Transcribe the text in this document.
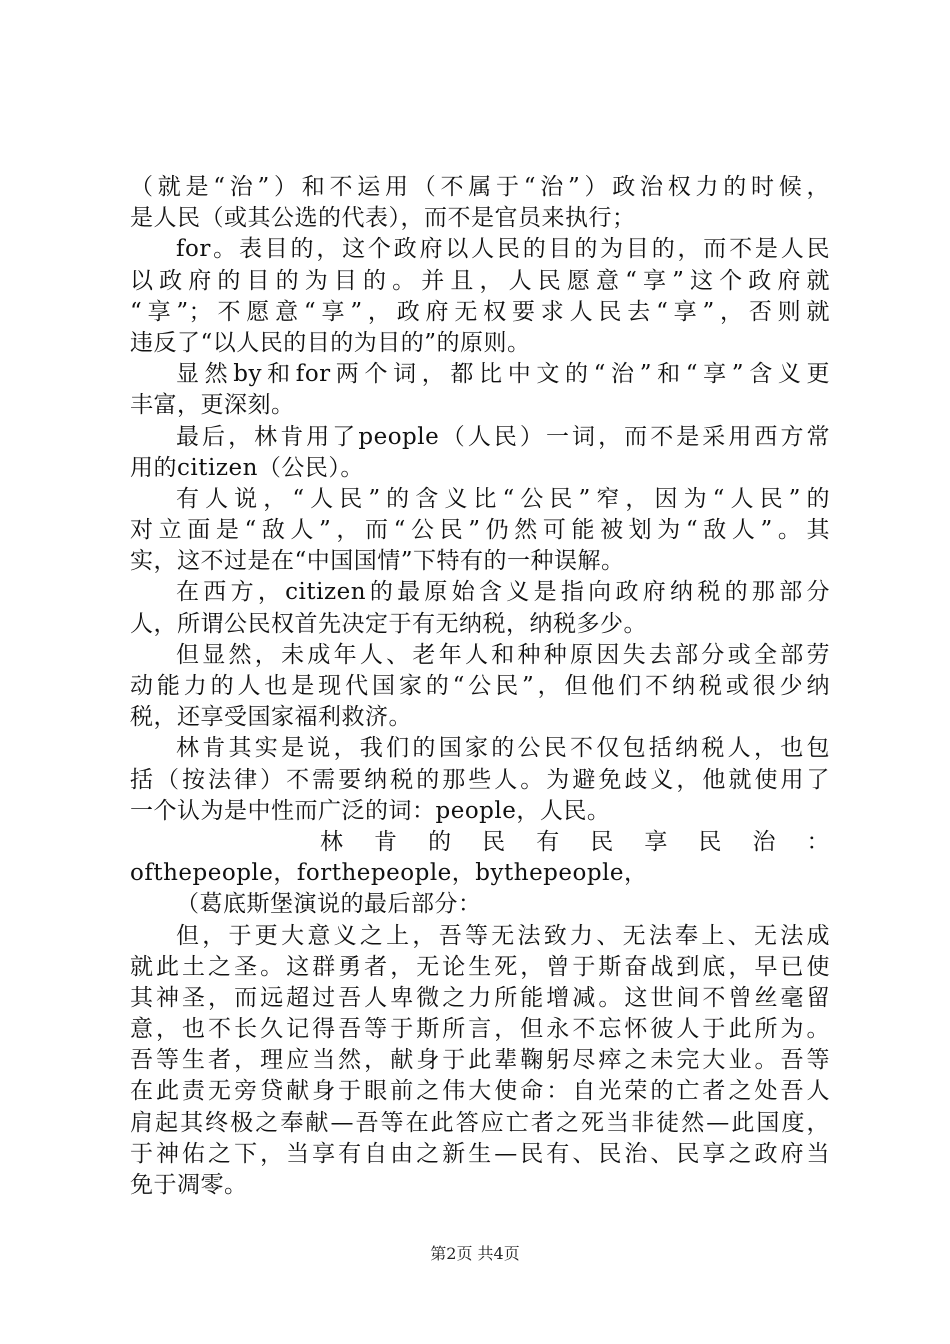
（就是“治”）和不运用（不属于“治”）政治权力的时候，
是人民（或其公选的代表），而不是官员来执行；
for。表目的，这个政府以人民的目的为目的，而不是人民
以政府的目的为目的。并且，人民愿意“享”这个政府就
“享”；不愿意“享”，政府无权要求人民去“享”，否则就
违反了“以人民的目的为目的”的原则。
显然by和for两个词，都比中文的“治”和“享”含义更
丰富，更深刻。
最后，林肯用了people（人民）一词，而不是采用西方常
用的citizen（公民）。
有人说，“人民”的含义比“公民”窄，因为“人民”的
对立面是“敌人”，而“公民”仍然可能被划为“敌人”。其
实，这不过是在“中国国情”下特有的一种误解。
在西方，citizen的最原始含义是指向政府纳税的那部分
人，所谓公民权首先决定于有无纳税，纳税多少。
但显然，未成年人、老年人和种种原因失去部分或全部劳
动能力的人也是现代国家的“公民”，但他们不纳税或很少纳
税，还享受国家福利救济。
林肯其实是说，我们的国家的公民不仅包括纳税人，也包
括（按法律）不需要纳税的那些人。为避免歧义，他就使用了
一个认为是中性而广泛的词：people，人民。
林肯的民有民享民治：
ofthepeople，forthepeople，bythepeople，
（葛底斯堡演说的最后部分：
但，于更大意义之上，吾等无法致力、无法奉上、无法成
就此土之圣。这群勇者，无论生死，曾于斯奋战到底，早已使
其神圣，而远超过吾人卑微之力所能增减。这世间不曾丝毫留
意，也不长久记得吾等于斯所言，但永不忘怀彼人于此所为。
吾等生者，理应当然，献身于此辈鞠躬尽瘁之未完大业。吾等
在此责无旁贷献身于眼前之伟大使命：自光荣的亡者之处吾人
肩起其终极之奉献—吾等在此答应亡者之死当非徒然—此国度，
于神佑之下，当享有自由之新生—民有、民治、民享之政府当
免于凋零。
第2页 共4页
